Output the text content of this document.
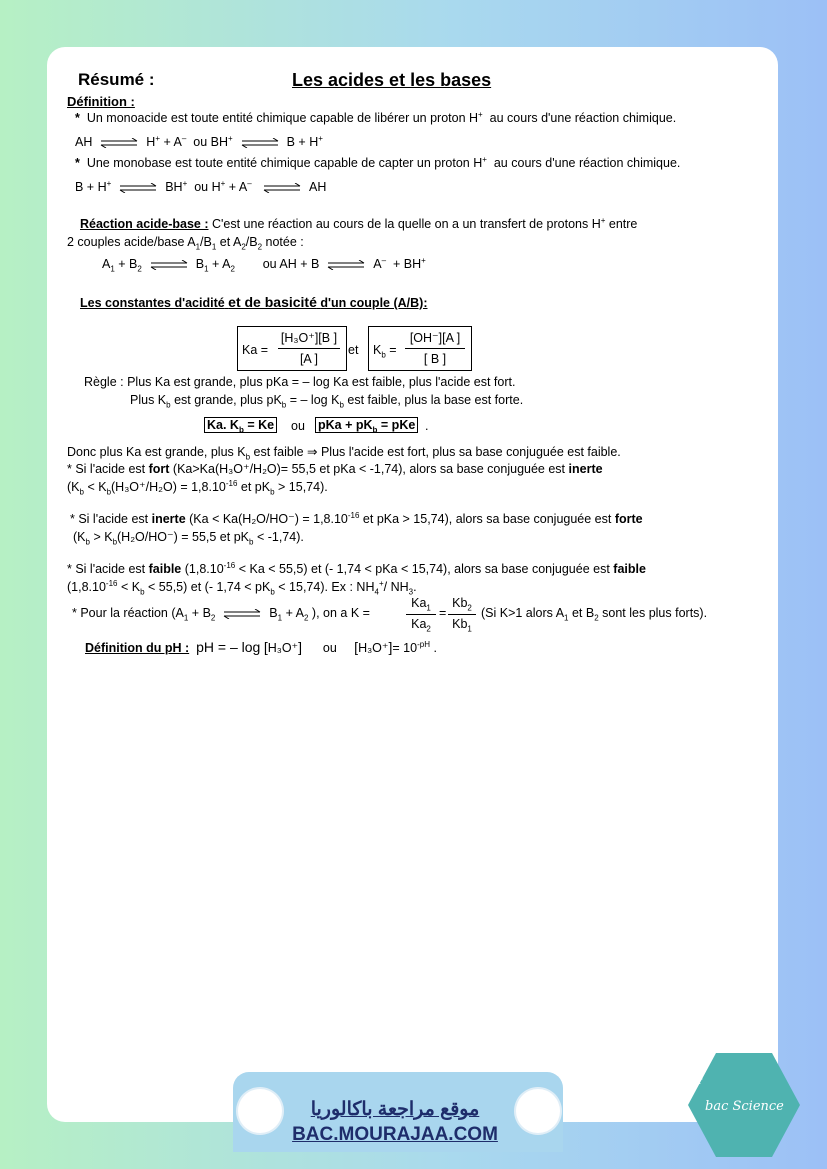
Résumé :	Les acides et les bases
Définition :
* Un monoacide est toute entité chimique capable de libérer un proton H+ au cours d'une réaction chimique.
AH ⇌ H+ + A– ou BH+ ⇌ B + H+
* Une monobase est toute entité chimique capable de capter un proton H+ au cours d'une réaction chimique.
B + H+ ⇌ BH+ ou H+ + A– ⇌ AH
Réaction acide-base : C'est une réaction au cours de la quelle on a un transfert de protons H+ entre
2 couples acide/base $A_1/B_1$ et $A_2/B_2$ notée :
$A_1 + B_2$ ⇌ $B_1 + A_2$ ou AH + B ⇌ A– + BH+
Les constantes d'acidité et de basicité d'un couple (A/B):
Ka =
[H₃O⁺][B ]
[A ]
et $K_b$ =
[OH⁻][A ]
[ B ]
Règle : Plus Ka est grande, plus pKa = – log Ka est faible, plus l'acide est fort.
Plus $K_b$ est grande, plus $pK_b$ = – $\log K_b$ est faible, plus la base est forte.
Ka. $K_b = Ke$ ou pKa + $pK_b$ = pKe .
Donc plus Ka est grande, plus $K_b$ est faible ⇒ Plus l'acide est fort, plus sa base conjuguée est faible.
* Si l'acide est fort (Ka>Ka(H₃O⁺/H₂O)= 55,5 et pKa < -1,74), alors sa base conjuguée est inerte
($K_b < K_b(H_3O^+/H_2O) = 1,8.10^{-16}$ et $pK_b > 15,74$).
* Si l'acide est inerte ($Ka < Ka(H_2O/HO^-) = 1,8.10^{-16}$ et pKa > 15,74), alors sa base conjuguée est forte
($K_b > K_b(H_2O/HO^-) = 55,5$ et $pK_b < -1,74$).
* Si l'acide est faible $(1,8.10^{-16} < Ka < 55,5)$ et (- 1,74 < pKa < 15,74), alors sa base conjuguée est faible
$(1,8.10^{-16} < K_b < 55,5)$ et (- $1,74 < pK_b < 15,74$). Ex : $NH_4^+/$ $NH_3$.
* Pour la réaction ($A_1 + B_2$ ⇌ $B_1 + A_2$ ), on a K =
$Ka_1$
$Ka_2$
=
$Kb_2$
$Kb_1$
(Si K>1 alors $A_1$ et $B_2$ sont les plus forts).
Définition du pH : pH = – log [H₃O⁺] ou $[H_3O^+]= 10^{-pH}$ .
موقع مراجعة باكالوريا
BAC.MOURAJAA.COM
br
bac Science
